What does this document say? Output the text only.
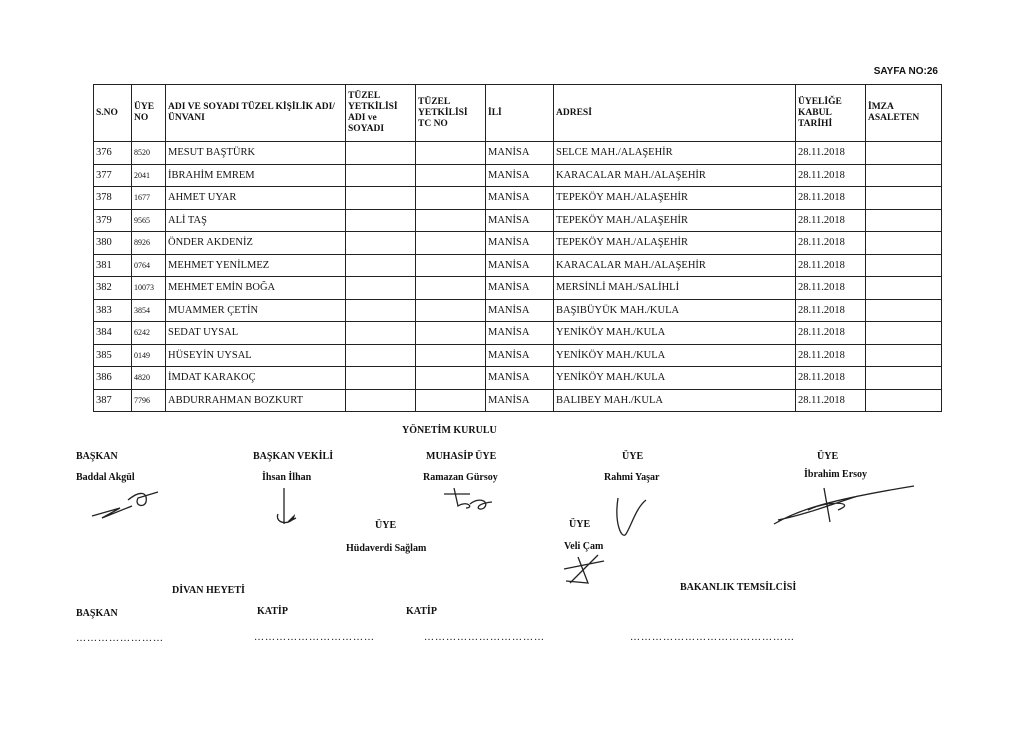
SAYFA NO:26
S.NO	ÜYE NO	ADI VE SOYADI TÜZEL KİŞİLİK ADI/ÜNVANI	TÜZEL YETKİLİSİ ADI ve SOYADI	TÜZEL YETKİLİSİ TC NO	İLİ	ADRESİ	ÜYELİĞE KABUL TARİHİ	İMZA ASALETEN
376	8520	MESUT BAŞTÜRK			MANİSA	SELCE MAH./ALAŞEHİR	28.11.2018	
377	2041	İBRAHİM EMREM			MANİSA	KARACALAR MAH./ALAŞEHİR	28.11.2018	
378	1677	AHMET UYAR			MANİSA	TEPEKÖY MAH./ALAŞEHİR	28.11.2018	
379	9565	ALİ TAŞ			MANİSA	TEPEKÖY MAH./ALAŞEHİR	28.11.2018	
380	8926	ÖNDER AKDENİZ			MANİSA	TEPEKÖY MAH./ALAŞEHİR	28.11.2018	
381	0764	MEHMET YENİLMEZ			MANİSA	KARACALAR MAH./ALAŞEHİR	28.11.2018	
382	10073	MEHMET EMİN BOĞA			MANİSA	MERSİNLİ MAH./SALİHLİ	28.11.2018	
383	3854	MUAMMER ÇETİN			MANİSA	BAŞIBÜYÜK MAH./KULA	28.11.2018	
384	6242	SEDAT UYSAL			MANİSA	YENİKÖY MAH./KULA	28.11.2018	
385	0149	HÜSEYİN UYSAL			MANİSA	YENİKÖY MAH./KULA	28.11.2018	
386	4820	İMDAT KARAKOÇ			MANİSA	YENİKÖY MAH./KULA	28.11.2018	
387	7796	ABDURRAHMAN BOZKURT			MANİSA	BALIBEY MAH./KULA	28.11.2018	
YÖNETİM KURULU
BAŞKAN
Baddal Akgül
BAŞKAN VEKİLİ
İhsan İlhan
MUHASİP ÜYE
Ramazan Gürsoy
ÜYE
Rahmi Yaşar
ÜYE
İbrahim Ersoy
ÜYE
Hüdaverdi Sağlam
ÜYE
Veli Çam
DİVAN HEYETİ	BAKANLIK TEMSİLCİSİ
BAŞKAN	KATİP	KATİP
……………………	……………………………	……………………………	………………………………………
